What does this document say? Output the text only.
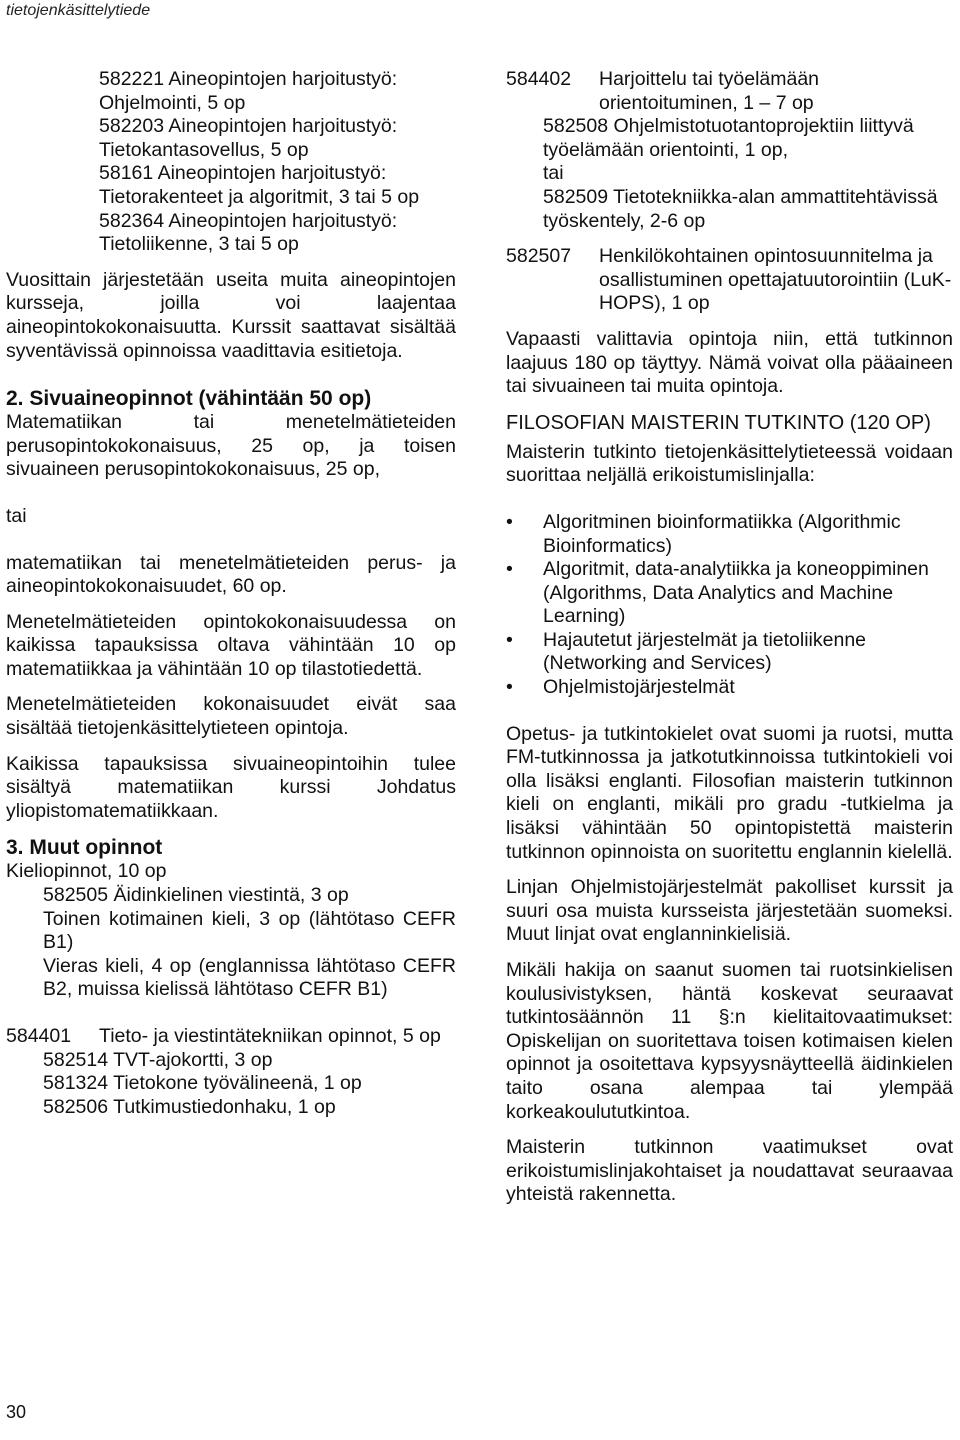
tietojenkäsittelytiede

582221 Aineopintojen harjoitustyö: Ohjelmointi, 5 op

582203 Aineopintojen harjoitustyö: Tietokantasovellus, 5 op

58161 Aineopintojen harjoitustyö: Tietorakenteet ja algoritmit, 3 tai 5 op

582364 Aineopintojen harjoitustyö: Tietoliikenne, 3 tai 5 op

Vuosittain järjestetään useita muita aineopintojen kursseja, joilla voi laajentaa aineopintokokonaisuutta. Kurssit saattavat sisältää syventävissä opinnoissa vaadittavia esitietoja.

2. Sivuaineopinnot (vähintään 50 op)

Matematiikan tai menetelmätieteiden perusopintokokonaisuus, 25 op, ja toisen sivuaineen perusopintokokonaisuus, 25 op,

tai

matematiikan tai menetelmätieteiden perus- ja aineopintokokonaisuudet, 60 op.

Menetelmätieteiden opintokokonaisuudessa on kaikissa tapauksissa oltava vähintään 10 op matematiikkaa ja vähintään 10 op tilastotiedettä.

Menetelmätieteiden kokonaisuudet eivät saa sisältää tietojenkäsittelytieteen opintoja.

Kaikissa tapauksissa sivuaineopintoihin tulee sisältyä matematiikan kurssi Johdatus yliopistomatematiikkaan.

3. Muut opinnot

Kieliopinnot, 10 op

582505 Äidinkielinen viestintä, 3 op

Toinen kotimainen kieli, 3 op (lähtötaso CEFR B1)

Vieras kieli, 4 op (englannissa lähtötaso CEFR B2, muissa kielissä lähtötaso CEFR B1)

584401	Tieto- ja viestintätekniikan opinnot, 5 op

582514 TVT-ajokortti, 3 op

581324 Tietokone työvälineenä, 1 op

582506 Tutkimustiedonhaku, 1 op

584402	Harjoittelu tai työelämään orientoituminen, 1 – 7 op

582508 Ohjelmistotuotantoprojektiin liittyvä työelämään orientointi, 1 op,

tai

582509 Tietotekniikka-alan ammattitehtävissä työskentely, 2-6 op

582507	Henkilökohtainen opintosuunnitelma ja osallistuminen opettajatuutorointiin (LuK-HOPS), 1 op

Vapaasti valittavia opintoja niin, että tutkinnon laajuus 180 op täyttyy. Nämä voivat olla pääaineen tai sivuaineen tai muita opintoja.

FILOSOFIAN MAISTERIN TUTKINTO (120 OP)

Maisterin tutkinto tietojenkäsittelytieteessä voidaan suorittaa neljällä erikoistumislinjalla:

•	Algoritminen bioinformatiikka (Algorithmic Bioinformatics)
•	Algoritmit, data-analytiikka ja koneoppiminen (Algorithms, Data Analytics and Machine Learning)
•	Hajautetut järjestelmät ja tietoliikenne (Networking and Services)
•	Ohjelmistojärjestelmät

Opetus- ja tutkintokielet ovat suomi ja ruotsi, mutta FM-tutkinnossa ja jatkotutkinnoissa tutkintokieli voi olla lisäksi englanti. Filosofian maisterin tutkinnon kieli on englanti, mikäli pro gradu -tutkielma ja lisäksi vähintään 50 opintopistettä maisterin tutkinnon opinnoista on suoritettu englannin kielellä.

Linjan Ohjelmistojärjestelmät pakolliset kurssit ja suuri osa muista kursseista järjestetään suomeksi. Muut linjat ovat englanninkielisiä.

Mikäli hakija on saanut suomen tai ruotsinkielisen koulusivistyksen, häntä koskevat seuraavat tutkintosäännön 11 §:n kielitaitovaatimukset: Opiskelijan on suoritettava toisen kotimaisen kielen opinnot ja osoitettava kypsyysnäytteellä äidinkielen taito osana alempaa tai ylempää korkeakoulututkintoa.

Maisterin tutkinnon vaatimukset ovat erikoistumislinjakohtaiset ja noudattavat seuraavaa yhteistä rakennetta.

30
